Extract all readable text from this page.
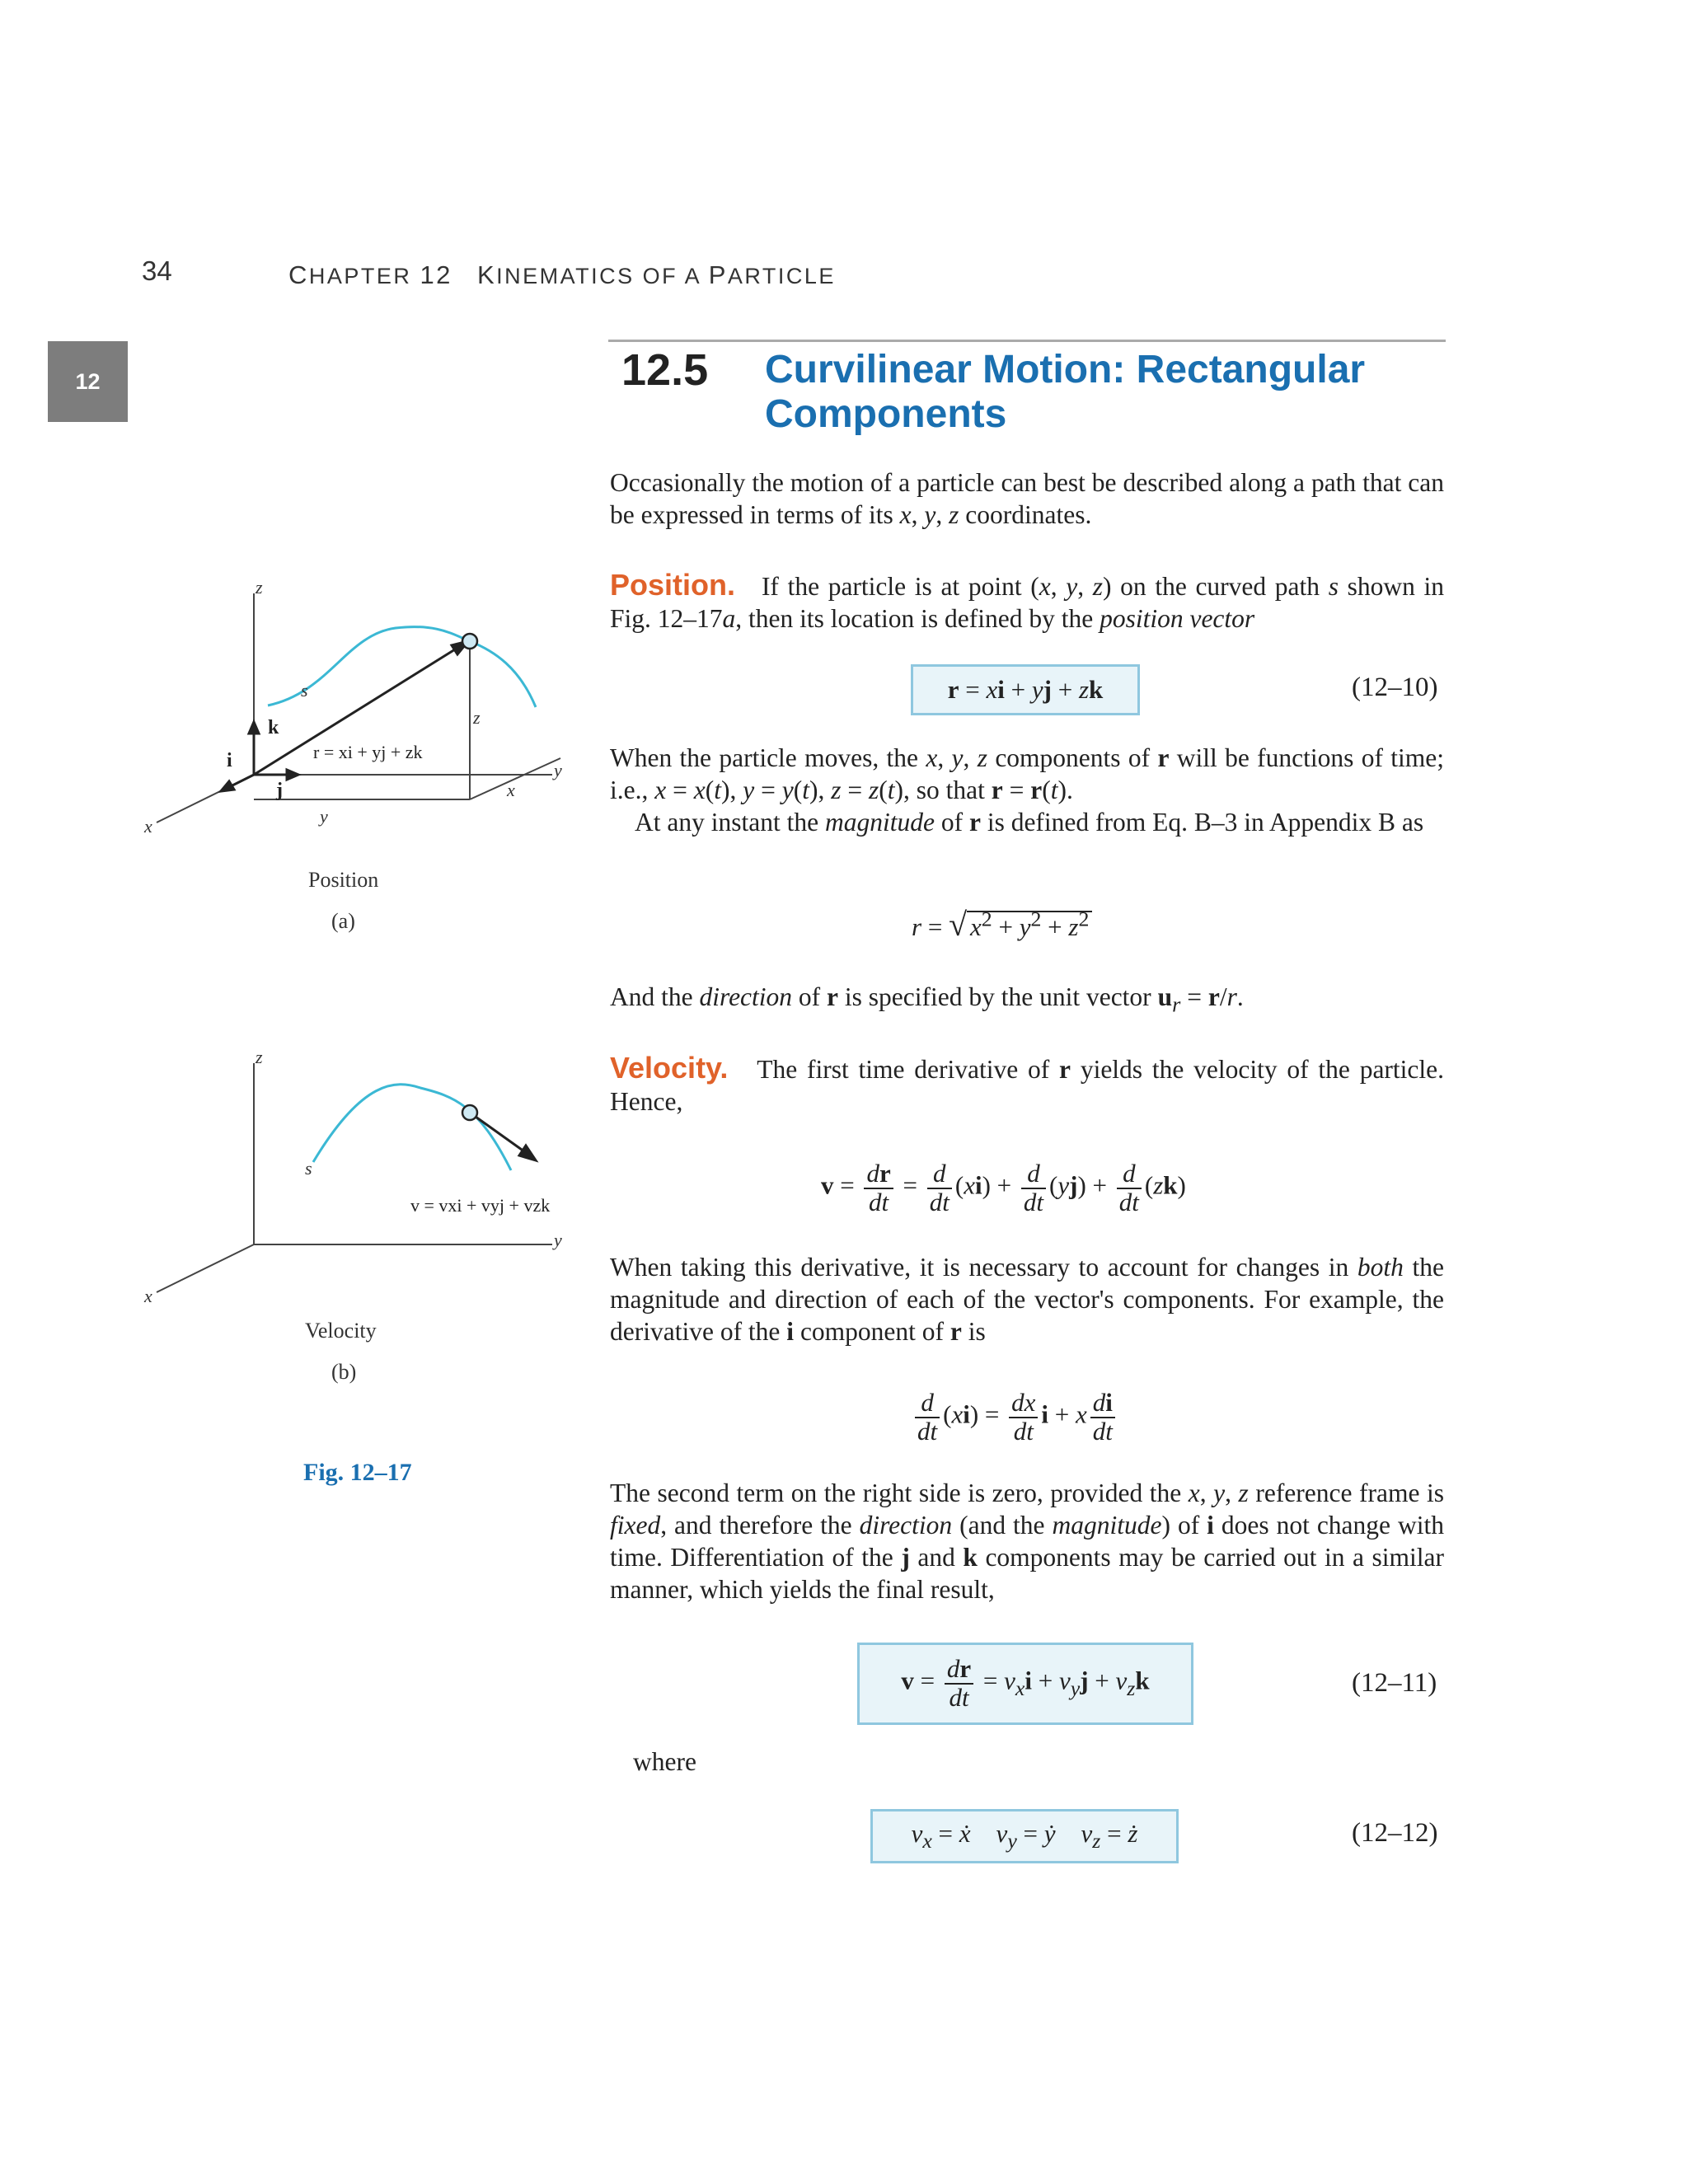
34	CHAPTER 12 KINEMATICS OF A PARTICLE
12	12.5 Curvilinear Motion: Rectangular Components
Occasionally the motion of a particle can best be described along a path that can be expressed in terms of its x, y, z coordinates.
Position.   If the particle is at point (x, y, z) on the curved path s shown in Fig. 12–17a, then its location is defined by the position vector
r = xi + yj + zk	(12–10)
When the particle moves, the x, y, z components of r will be functions of time; i.e., x = x(t), y = y(t), z = z(t), so that r = r(t).
At any instant the magnitude of r is defined from Eq. B–3 in Appendix B as
r = √ $x^2 + y^2 + z^2$
And the direction of r is specified by the unit vector $u_r = r/r$.
Velocity.   The first time derivative of r yields the velocity of the particle. Hence,
$v = \frac{dr}{dt} = \frac{d}{dt} (xi) + \frac{d}{dt} (yj) + \frac{d}{dt} (zk)$
When taking this derivative, it is necessary to account for changes in both the magnitude and direction of each of the vector's components. For example, the derivative of the i component of r is
$\frac{d}{dt} (xi) = \frac{dx}{dt}$ i + x $\frac{di}{dt}$
The second term on the right side is zero, provided the x, y, z reference frame is fixed, and therefore the direction (and the magnitude) of i does not change with time. Differentiation of the j and k components may be carried out in a similar manner, which yields the final result,
$v = \frac{dr}{dt} = v_xi + v_yj + v_zk$	(12–11)
where
$v_x$ = ẋ $v_y$ = ẏ $v_z$ = ż	(12–12)
z
y
x
s
z
x
y
k
j
i	r = xi + yj + zk
Position
(a)
z
y
x
s
v = vxi + vyj + vzk
Velocity
(b)
Fig. 12–17
